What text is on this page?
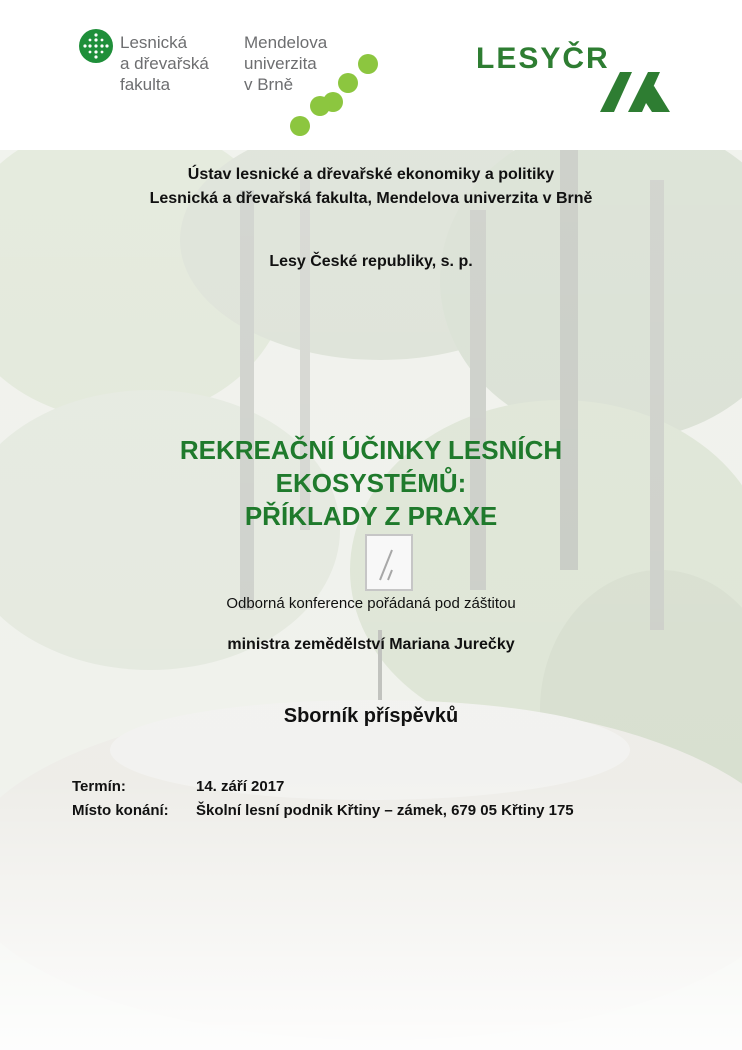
Lesnická
a dřevařská
fakulta
Mendelova
univerzita
v Brně
LESYČR
Ústav lesnické a dřevařské ekonomiky a politiky
Lesnická a dřevařská fakulta, Mendelova univerzita v Brně
Lesy České republiky, s. p.
REKREAČNÍ ÚČINKY LESNÍCH
EKOSYSTÉMŮ:
PŘÍKLADY Z PRAXE
Odborná konference pořádaná pod záštitou
ministra zemědělství Mariana Jurečky
Sborník příspěvků
Termín:	14. září 2017
Místo konání: Školní lesní podnik Křtiny – zámek, 679 05 Křtiny 175
